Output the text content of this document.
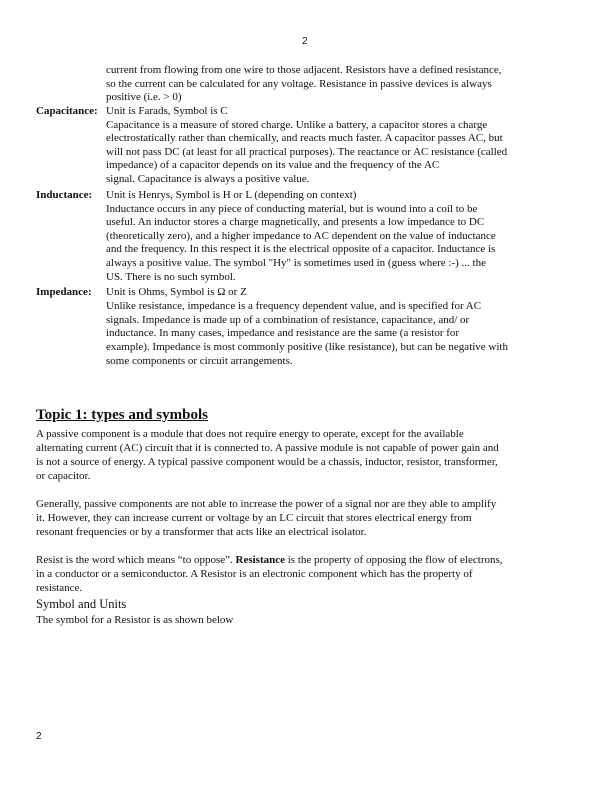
2
current from flowing from one wire to those adjacent. Resistors have a defined resistance,
so the current can be calculated for any voltage. Resistance in passive devices is always
positive (i.e. > 0)
Capacitance: Unit is Farads, Symbol is C
Capacitance is a measure of stored charge. Unlike a battery, a capacitor stores a charge
electrostatically rather than chemically, and reacts much faster. A capacitor passes AC, but
will not pass DC (at least for all practical purposes). The reactance or AC resistance (called
impedance) of a capacitor depends on its value and the frequency of the AC
signal. Capacitance is always a positive value.
Inductance: Unit is Henrys, Symbol is H or L (depending on context)
Inductance occurs in any piece of conducting material, but is wound into a coil to be
useful. An inductor stores a charge magnetically, and presents a low impedance to DC
(theoretically zero), and a higher impedance to AC dependent on the value of inductance
and the frequency. In this respect it is the electrical opposite of a capacitor. Inductance is
always a positive value. The symbol "Hy" is sometimes used in (guess where :-) ... the
US. There is no such symbol.
Impedance: Unit is Ohms, Symbol is Ω or Z
Unlike resistance, impedance is a frequency dependent value, and is specified for AC
signals. Impedance is made up of a combination of resistance, capacitance, and/ or
inductance. In many cases, impedance and resistance are the same (a resistor for
example). Impedance is most commonly positive (like resistance), but can be negative with
some components or circuit arrangements.
Topic 1: types and symbols
A passive component is a module that does not require energy to operate, except for the available
alternating current (AC) circuit that it is connected to. A passive module is not capable of power gain and
is not a source of energy. A typical passive component would be a chassis, inductor, resistor, transformer,
or capacitor.
Generally, passive components are not able to increase the power of a signal nor are they able to amplify
it. However, they can increase current or voltage by an LC circuit that stores electrical energy from
resonant frequencies or by a transformer that acts like an electrical isolator.
Resist is the word which means “to oppose”. Resistance is the property of opposing the flow of electrons,
in a conductor or a semiconductor. A Resistor is an electronic component which has the property of
resistance.
Symbol and Units
The symbol for a Resistor is as shown below
2
